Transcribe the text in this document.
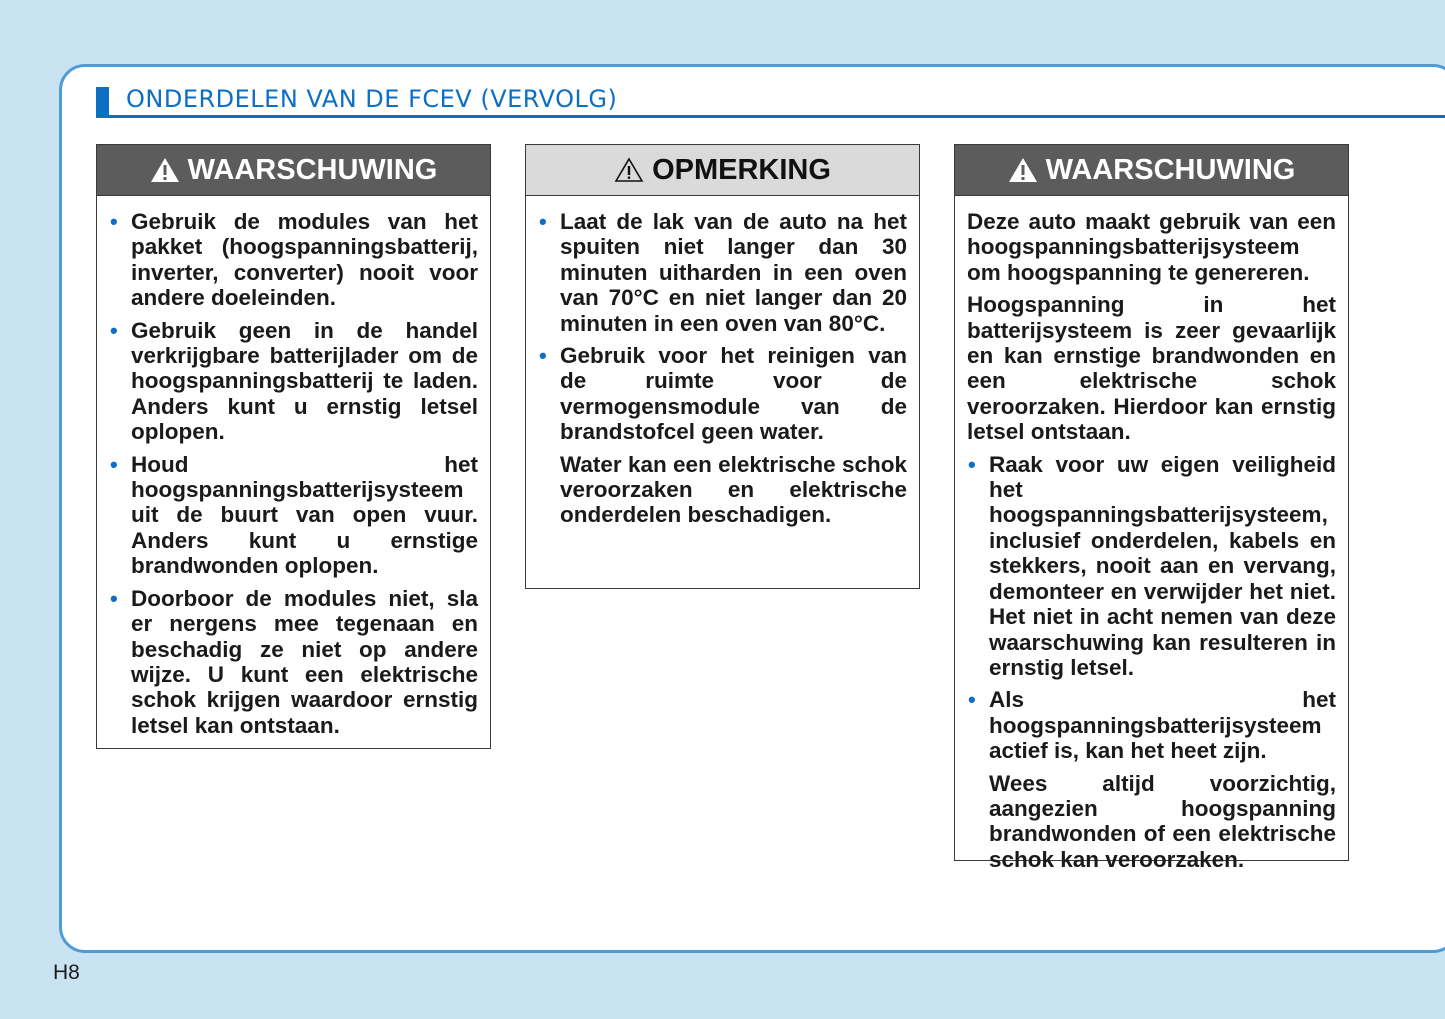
ONDERDELEN VAN DE FCEV (VERVOLG)
WAARSCHUWING
• Gebruik de modules van het pakket (hoogspanningsbatterij, inverter, converter) nooit voor andere doeleinden.
• Gebruik geen in de handel verkrijgbare batterijlader om de hoogspanningsbatterij te laden. Anders kunt u ernstig letsel oplopen.
• Houd het hoogspanningsbatterijsysteem uit de buurt van open vuur. Anders kunt u ernstige brandwonden oplopen.
• Doorboor de modules niet, sla er nergens mee tegenaan en beschadig ze niet op andere wijze. U kunt een elektrische schok krijgen waardoor ernstig letsel kan ontstaan.
OPMERKING
• Laat de lak van de auto na het spuiten niet langer dan 30 minuten uitharden in een oven van 70°C en niet langer dan 20 minuten in een oven van 80°C.
• Gebruik voor het reinigen van de ruimte voor de vermogensmodule van de brandstofcel geen water.

Water kan een elektrische schok veroorzaken en elektrische onderdelen beschadigen.

WAARSCHUWING

Deze auto maakt gebruik van een hoogspanningsbatterijsysteem om hoogspanning te genereren.

Hoogspanning in het batterijsysteem is zeer gevaarlijk en kan ernstige brandwonden en een elektrische schok veroorzaken. Hierdoor kan ernstig letsel ontstaan.

• Raak voor uw eigen veiligheid het hoogspanningsbatterijsysteem, inclusief onderdelen, kabels en stekkers, nooit aan en vervang, demonteer en verwijder het niet. Het niet in acht nemen van deze waarschuwing kan resulteren in ernstig letsel.
• Als het hoogspanningsbatterijsysteem actief is, kan het heet zijn.

Wees altijd voorzichtig, aangezien hoogspanning brandwonden of een elektrische schok kan veroorzaken.

H8
